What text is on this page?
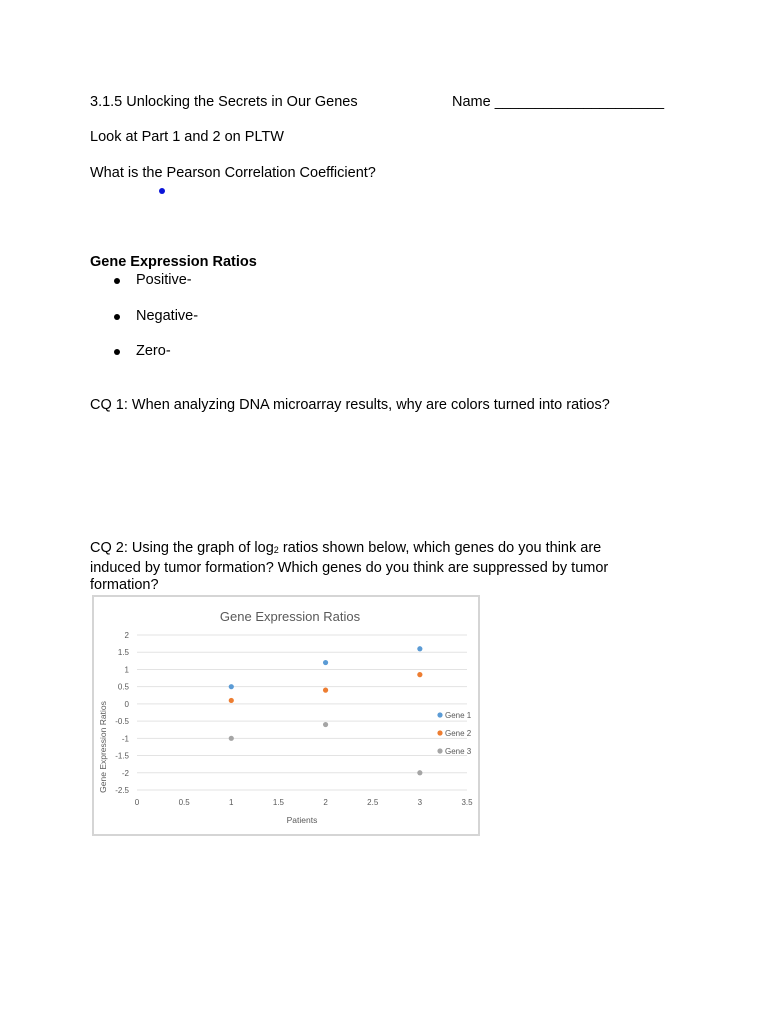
3.1.5 Unlocking the Secrets in Our Genes	Name _____________________
Look at Part 1 and 2 on PLTW
What is the Pearson Correlation Coefficient?
Gene Expression Ratios
Positive-
Negative-
Zero-
CQ 1: When analyzing DNA microarray results, why are colors turned into ratios?
CQ 2: Using the graph of $\log_2$ ratios shown below, which genes do you think are induced by tumor formation? Which genes do you think are suppressed by tumor formation?
Gene Expression Ratios
2
1.5
1
0.5
0
-0.5
-1
-1.5
-2
-2.5
0	0.5	1	1.5	2	2.5	3	3.5
Gene 1
Gene 2
Gene 3
Patients
Gene Expression Ratios
